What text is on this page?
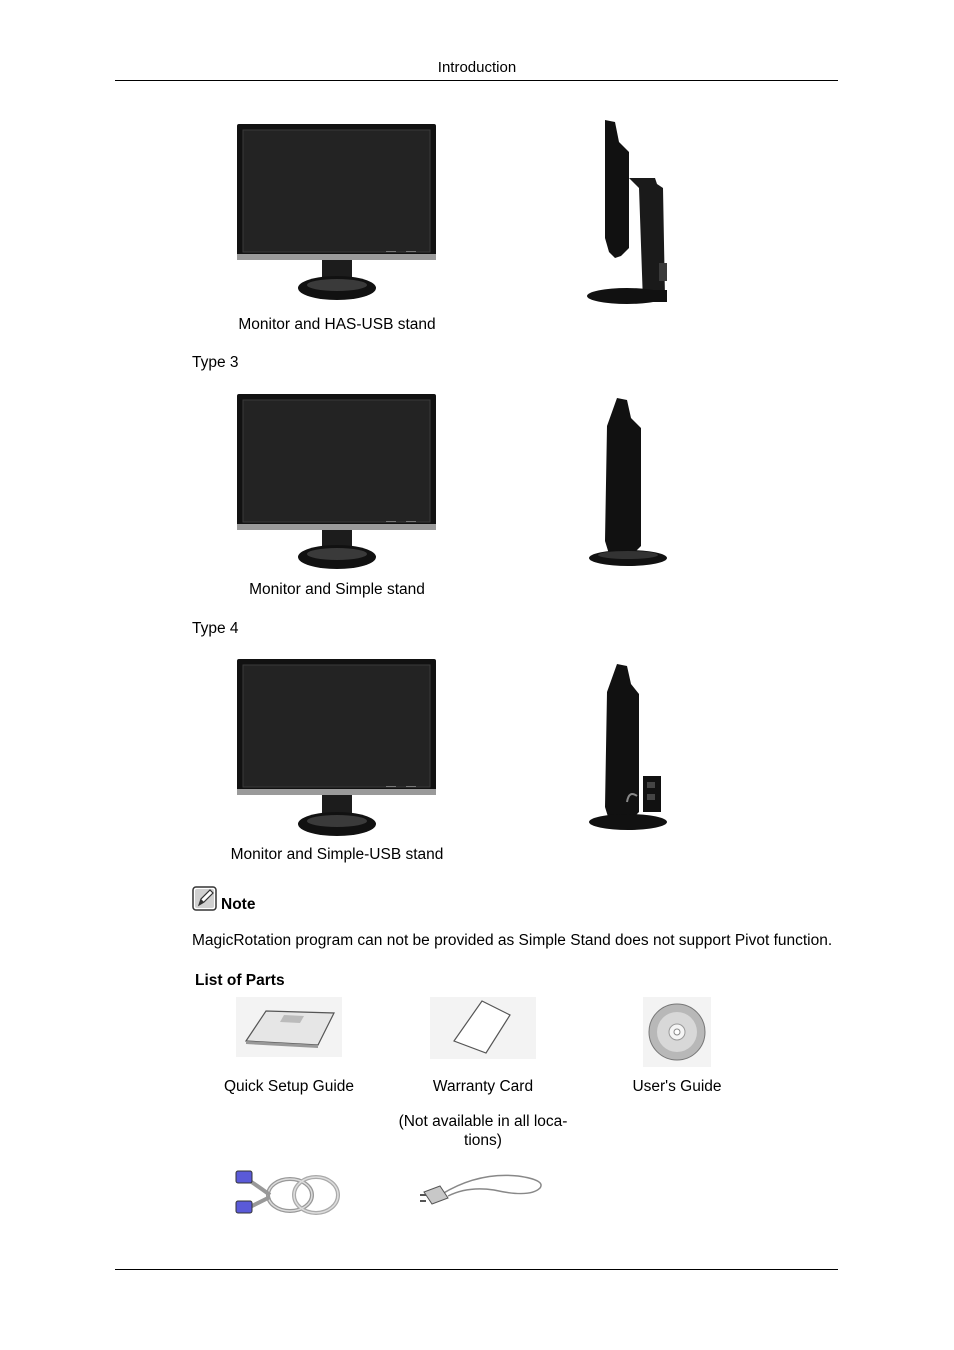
Introduction
Monitor and HAS-USB stand
Type 3
Monitor and Simple stand
Type 4
Monitor and Simple-USB stand
Note
MagicRotation program can not be provided as Simple Stand does not support Pivot function.
List of Parts
Quick Setup Guide	Warranty Card	User's Guide
(Not available in all loca-
tions)
